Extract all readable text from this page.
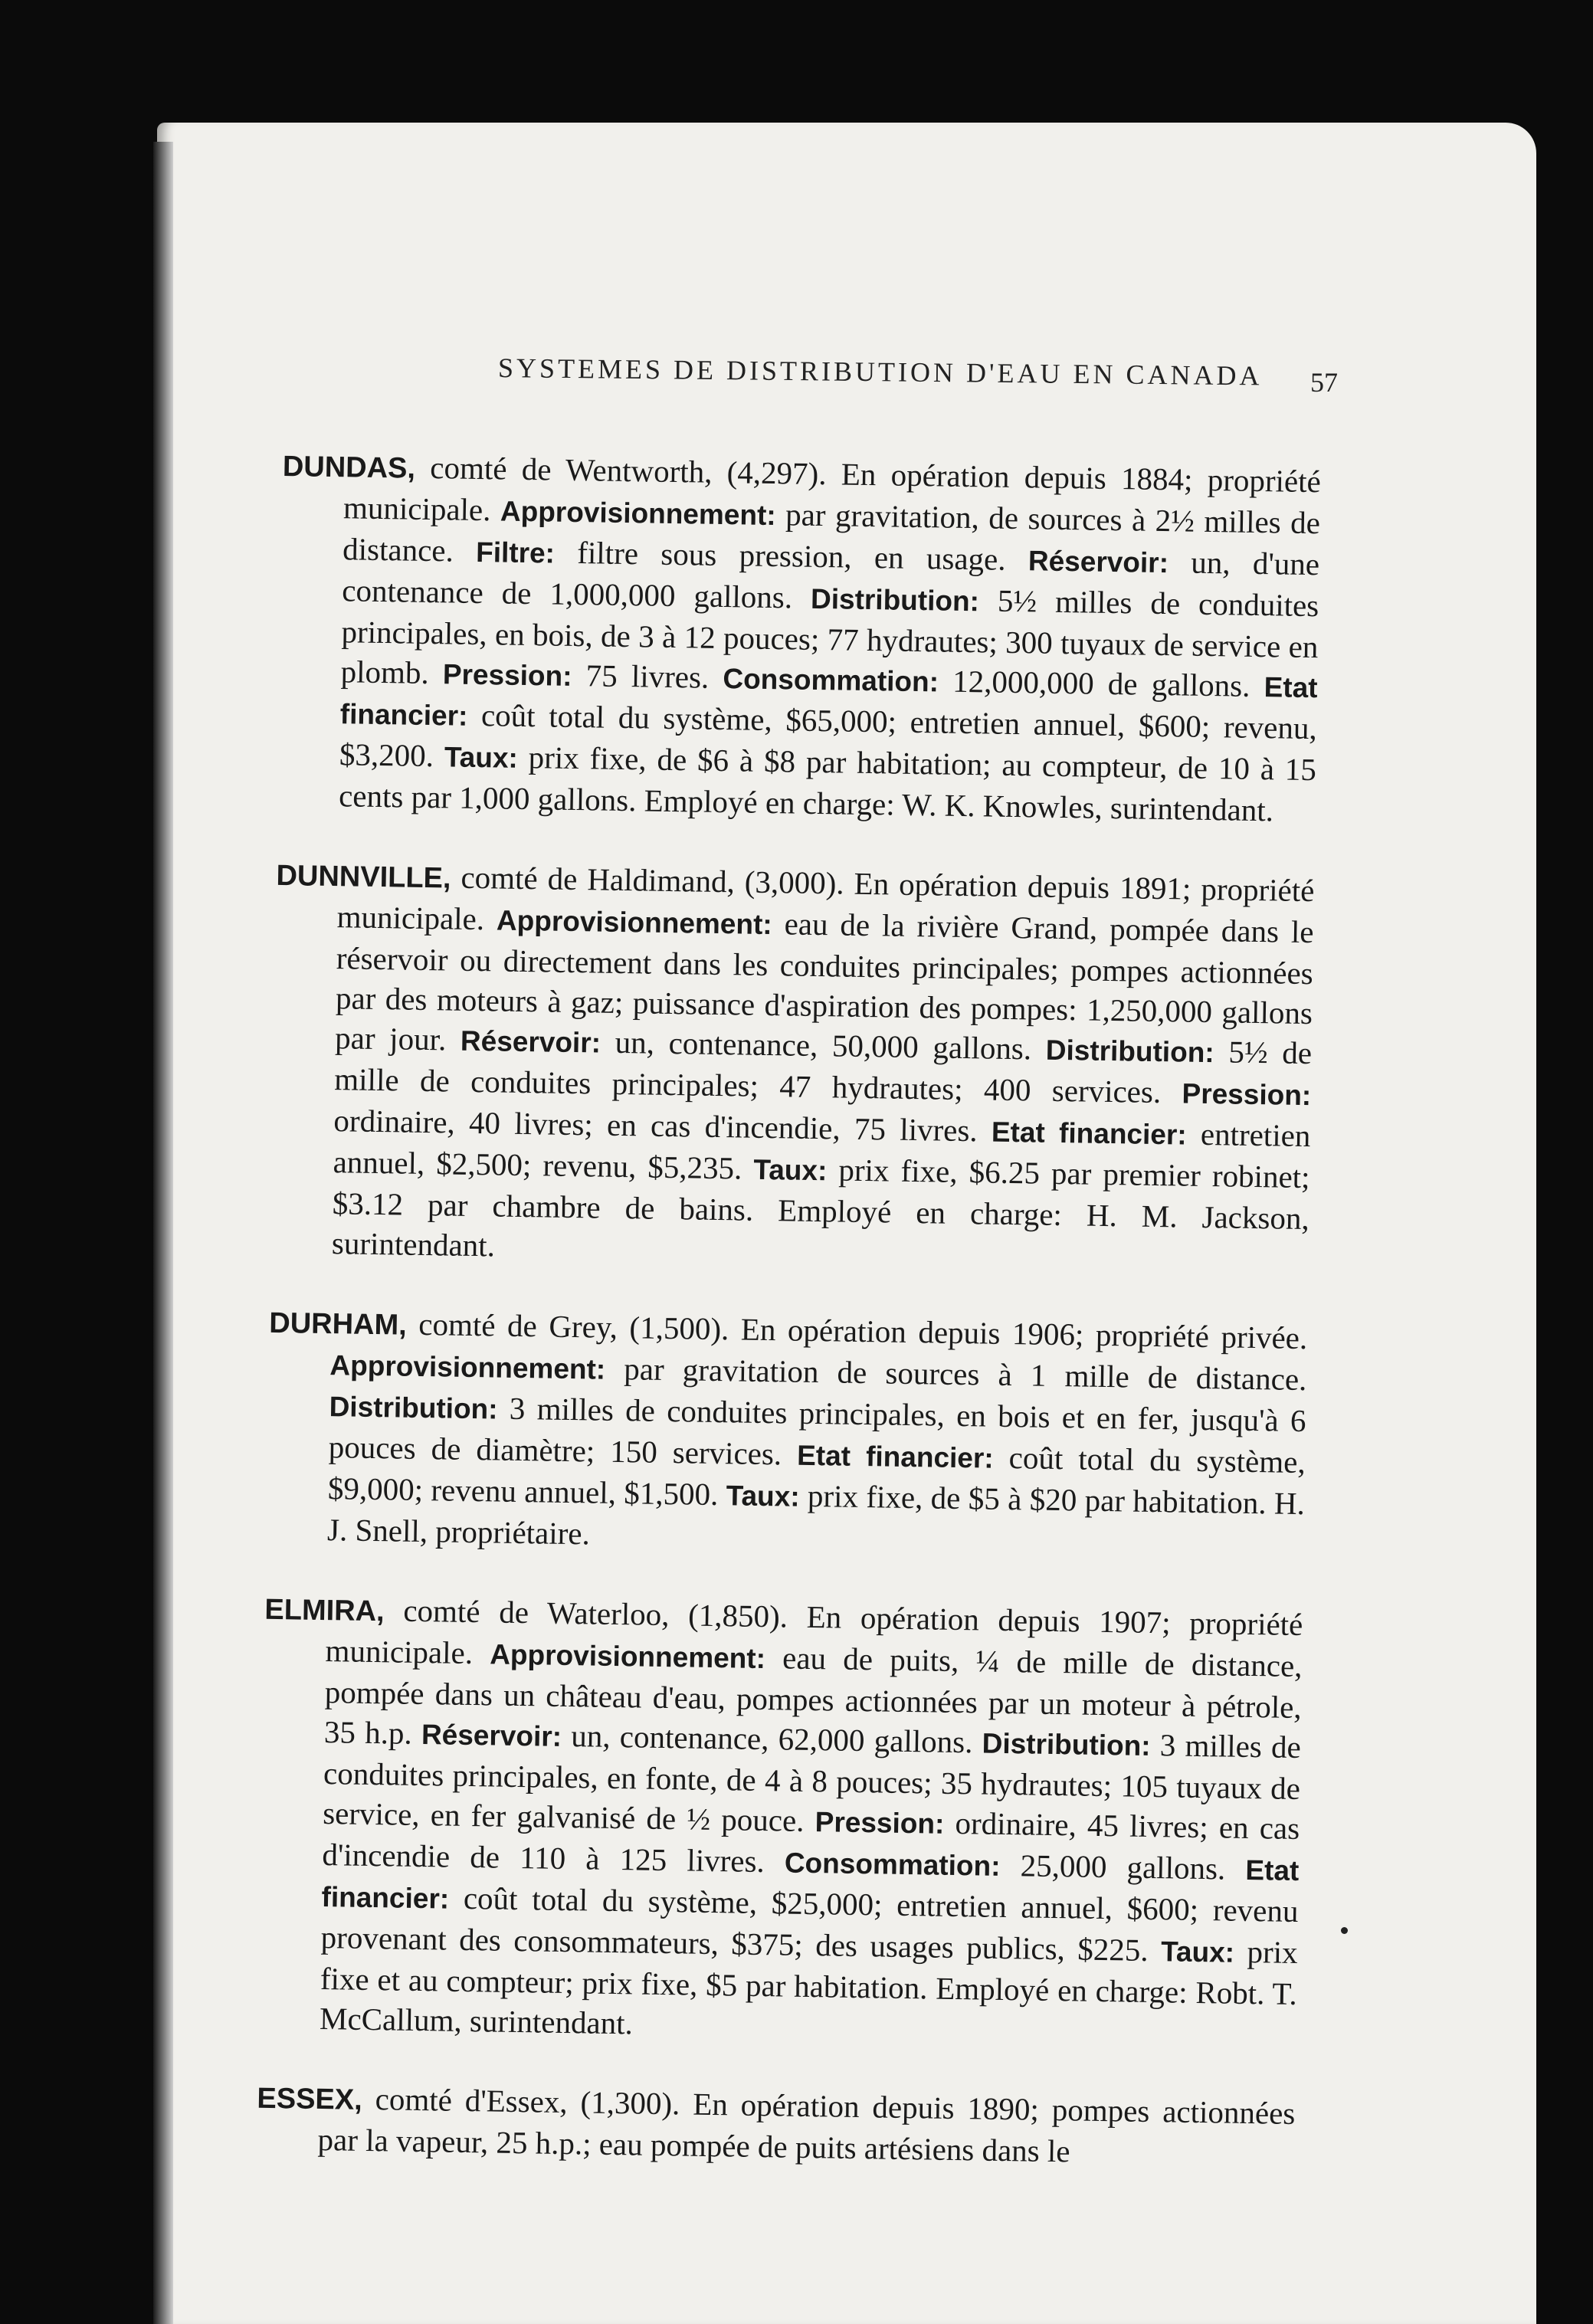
SYSTEMES DE DISTRIBUTION D'EAU EN CANADA	57

DUNDAS, comté de Wentworth, (4,297). En opération depuis 1884; propriété municipale. Approvisionnement: par gravitation, de sources à 2½ milles de distance. Filtre: filtre sous pression, en usage. Réservoir: un, d'une contenance de 1,000,000 gallons. Distribution: 5½ milles de conduites principales, en bois, de 3 à 12 pouces; 77 hydrautes; 300 tuyaux de service en plomb. Pression: 75 livres. Consommation: 12,000,000 de gallons. Etat financier: coût total du système, $65,000; entretien annuel, $600; revenu, $3,200. Taux: prix fixe, de $6 à $8 par habitation; au compteur, de 10 à 15 cents par 1,000 gallons. Employé en charge: W. K. Knowles, surintendant.

DUNNVILLE, comté de Haldimand, (3,000). En opération depuis 1891; propriété municipale. Approvisionnement: eau de la rivière Grand, pompée dans le réservoir ou directement dans les conduites principales; pompes actionnées par des moteurs à gaz; puissance d'aspiration des pompes: 1,250,000 gallons par jour. Réservoir: un, contenance, 50,000 gallons. Distribution: 5½ de mille de conduites principales; 47 hydrautes; 400 services. Pression: ordinaire, 40 livres; en cas d'incendie, 75 livres. Etat financier: entretien annuel, $2,500; revenu, $5,235. Taux: prix fixe, $6.25 par premier robinet; $3.12 par chambre de bains. Employé en charge: H. M. Jackson, surintendant.

DURHAM, comté de Grey, (1,500). En opération depuis 1906; propriété privée. Approvisionnement: par gravitation de sources à 1 mille de distance. Distribution: 3 milles de conduites principales, en bois et en fer, jusqu'à 6 pouces de diamètre; 150 services. Etat financier: coût total du système, $9,000; revenu annuel, $1,500. Taux: prix fixe, de $5 à $20 par habitation. H. J. Snell, propriétaire.

ELMIRA, comté de Waterloo, (1,850). En opération depuis 1907; propriété municipale. Approvisionnement: eau de puits, ¼ de mille de distance, pompée dans un château d'eau, pompes actionnées par un moteur à pétrole, 35 h.p. Réservoir: un, contenance, 62,000 gallons. Distribution: 3 milles de conduites principales, en fonte, de 4 à 8 pouces; 35 hydrautes; 105 tuyaux de service, en fer galvanisé de ½ pouce. Pression: ordinaire, 45 livres; en cas d'incendie de 110 à 125 livres. Consommation: 25,000 gallons. Etat financier: coût total du système, $25,000; entretien annuel, $600; revenu provenant des consommateurs, $375; des usages publics, $225. Taux: prix fixe et au compteur; prix fixe, $5 par habitation. Employé en charge: Robt. T. McCallum, surintendant.

ESSEX, comté d'Essex, (1,300). En opération depuis 1890; pompes actionnées par la vapeur, 25 h.p.; eau pompée de puits artésiens dans le
